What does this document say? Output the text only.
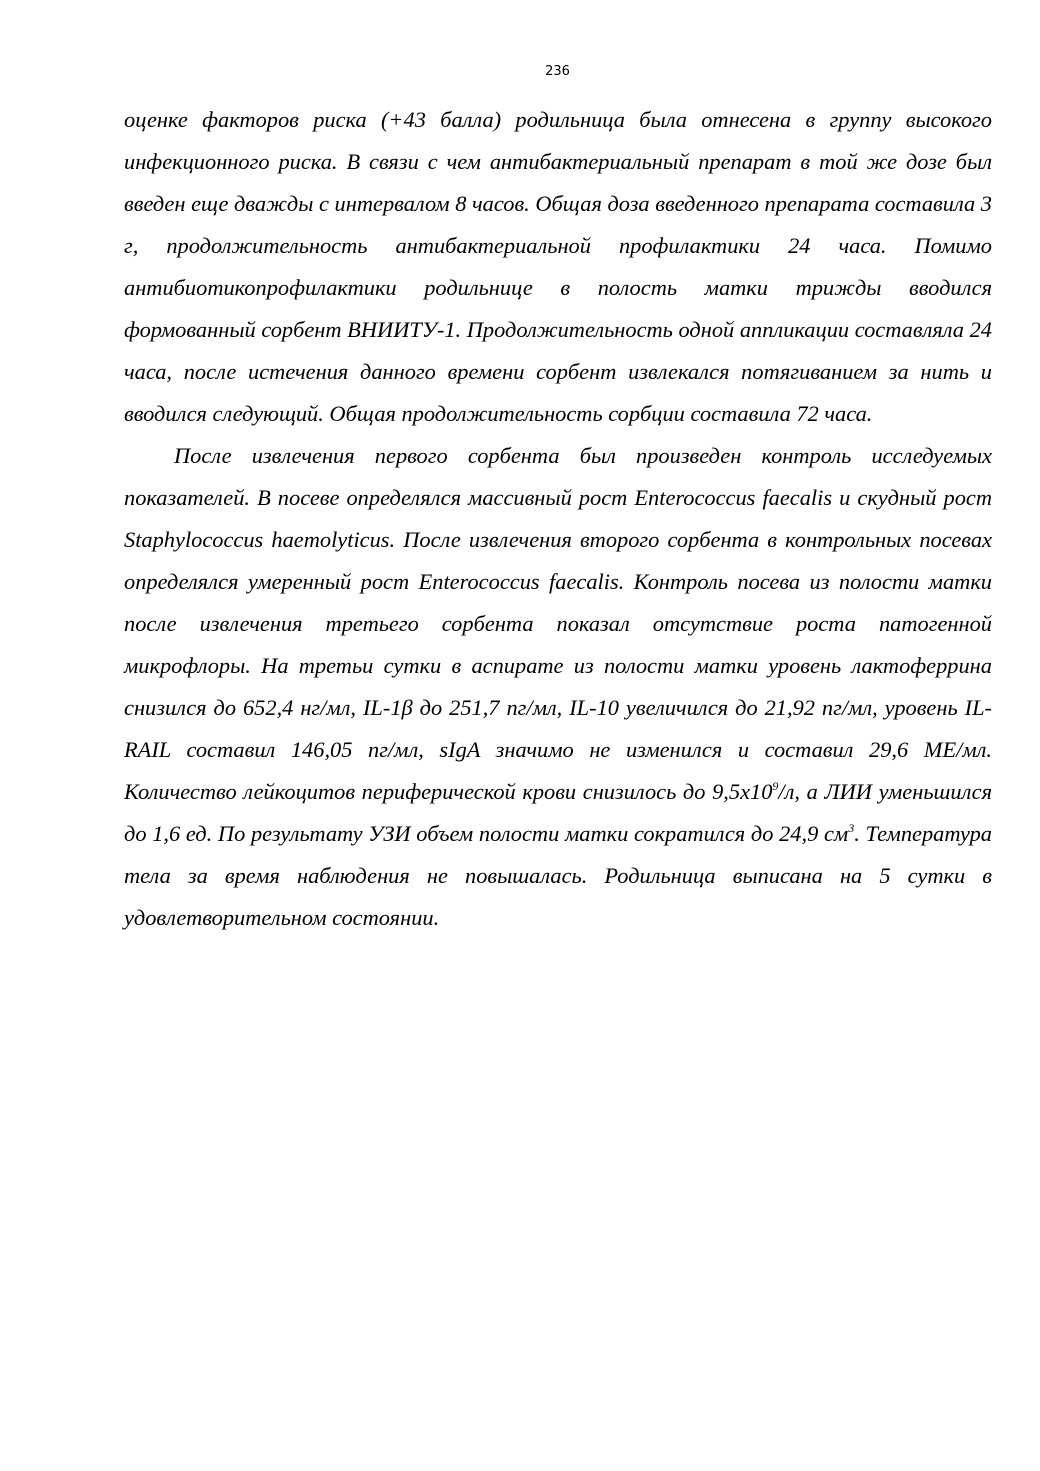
236

оценке факторов риска (+43 балла) родильница была отнесена в группу высокого инфекционного риска. В связи с чем антибактериальный препарат в той же дозе был введен еще дважды с интервалом 8 часов. Общая доза введенного препарата составила 3 г, продолжительность антибактериальной профилактики 24 часа. Помимо антибиотикопрофилактики родильнице в полость матки трижды вводился формованный сорбент ВНИИТУ-1. Продолжительность одной аппликации составляла 24 часа, после истечения данного времени сорбент извлекался потягиванием за нить и вводился следующий. Общая продолжительность сорбции составила 72 часа.

После извлечения первого сорбента был произведен контроль исследуемых показателей. В посеве определялся массивный рост Enterococcus faecalis и скудный рост Staphylococcus haemolyticus. После извлечения второго сорбента в контрольных посевах определялся умеренный рост Enterococcus faecalis. Контроль посева из полости матки после извлечения третьего сорбента показал отсутствие роста патогенной микрофлоры. На третьи сутки в аспирате из полости матки уровень лактоферрина снизился до 652,4 нг/мл, IL-1β до 251,7 пг/мл, IL-10 увеличился до 21,92 пг/мл, уровень IL-RAIL составил 146,05 пг/мл, sIgA значимо не изменился и составил 29,6 МЕ/мл. Количество лейкоцитов периферической крови снизилось до $9,5х10^9/л$, а ЛИИ уменьшился до 1,6 ед. По результату УЗИ объем полости матки сократился до 24,9 $см^3$. Температура тела за время наблюдения не повышалась. Родильница выписана на 5 сутки в удовлетворительном состоянии.
